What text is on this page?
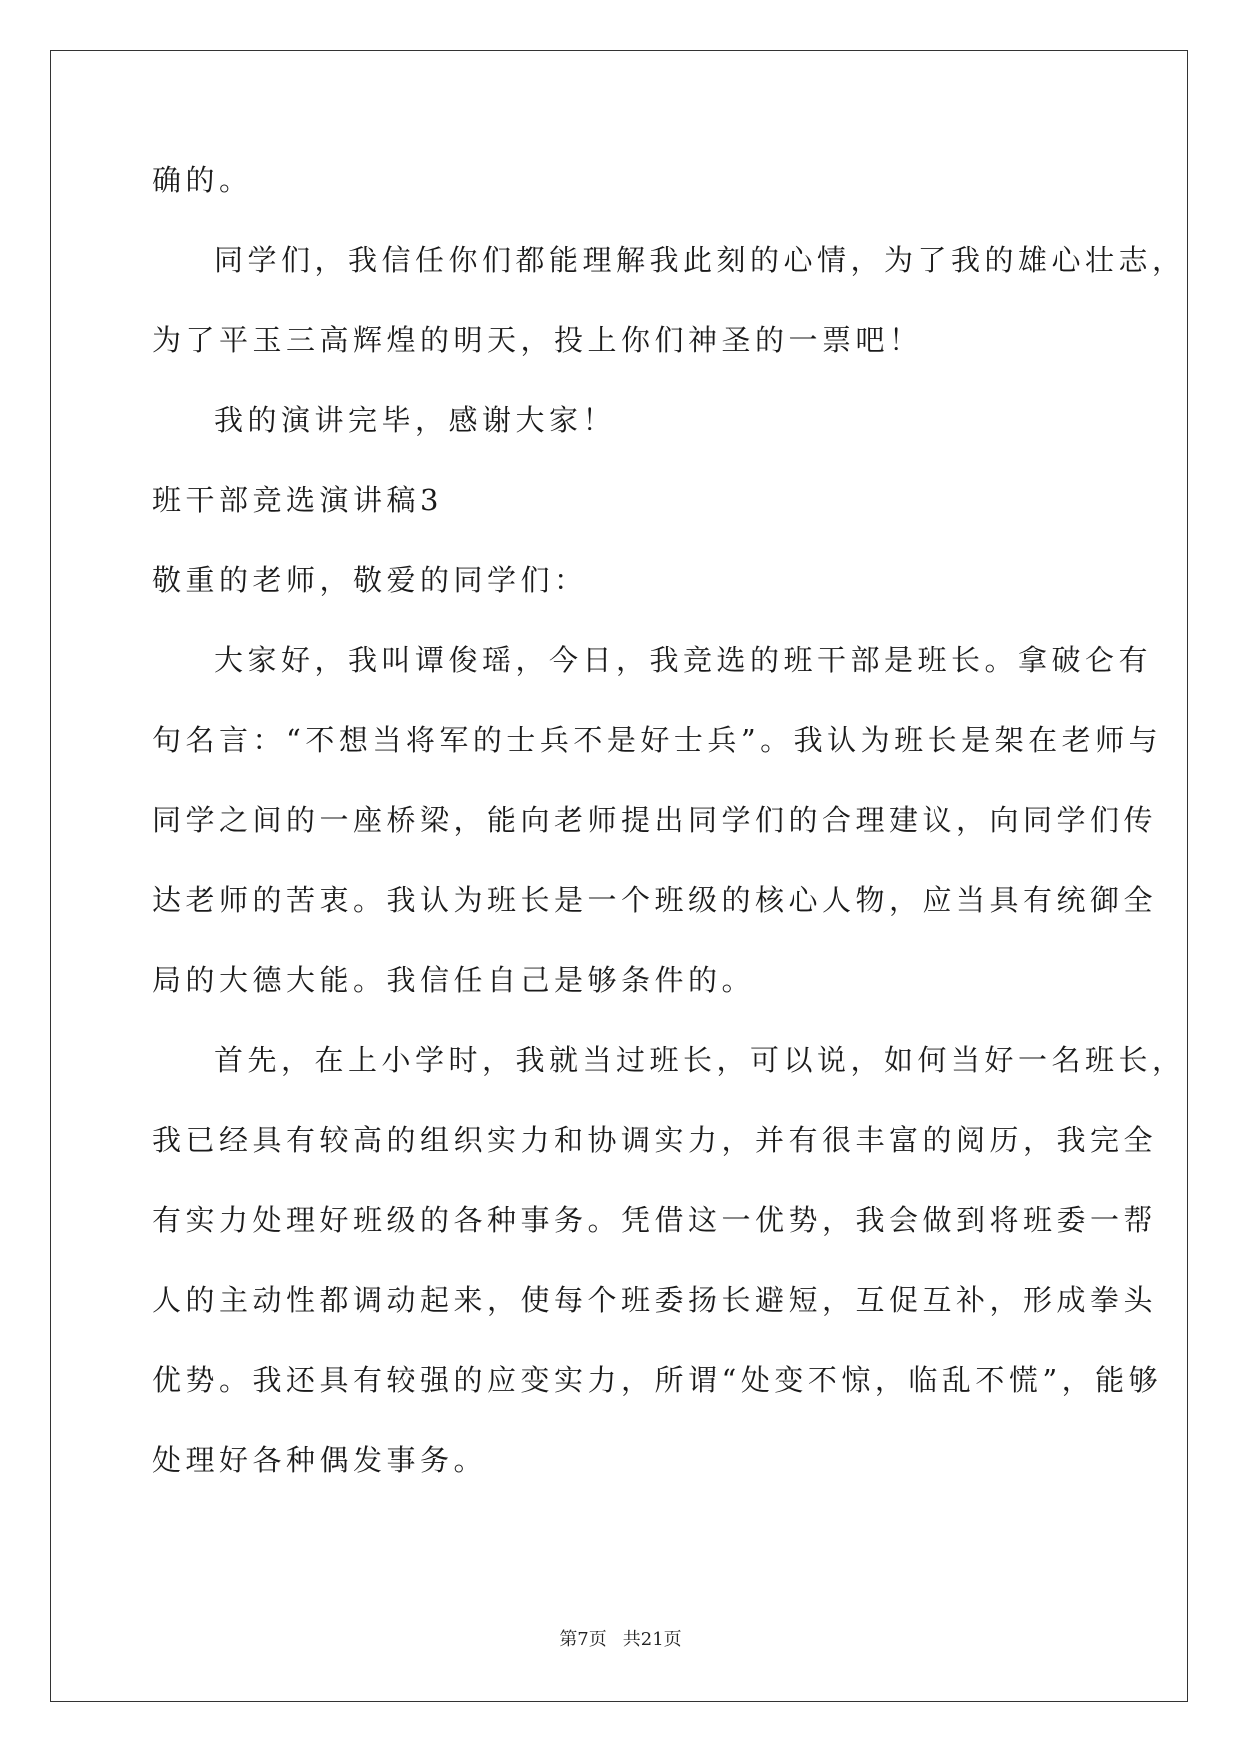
确的。
同学们，我信任你们都能理解我此刻的心情，为了我的雄心壮志，
为了平玉三高辉煌的明天，投上你们神圣的一票吧！
我的演讲完毕，感谢大家！
班干部竞选演讲稿3
敬重的老师，敬爱的同学们：
大家好，我叫谭俊瑶，今日，我竞选的班干部是班长。拿破仑有
句名言：“不想当将军的士兵不是好士兵”。我认为班长是架在老师与
同学之间的一座桥梁，能向老师提出同学们的合理建议，向同学们传
达老师的苦衷。我认为班长是一个班级的核心人物，应当具有统御全
局的大德大能。我信任自己是够条件的。
首先，在上小学时，我就当过班长，可以说，如何当好一名班长，
我已经具有较高的组织实力和协调实力，并有很丰富的阅历，我完全
有实力处理好班级的各种事务。凭借这一优势，我会做到将班委一帮
人的主动性都调动起来，使每个班委扬长避短，互促互补，形成拳头
优势。我还具有较强的应变实力，所谓“处变不惊，临乱不慌”，能够
处理好各种偶发事务。
第7页 共21页
